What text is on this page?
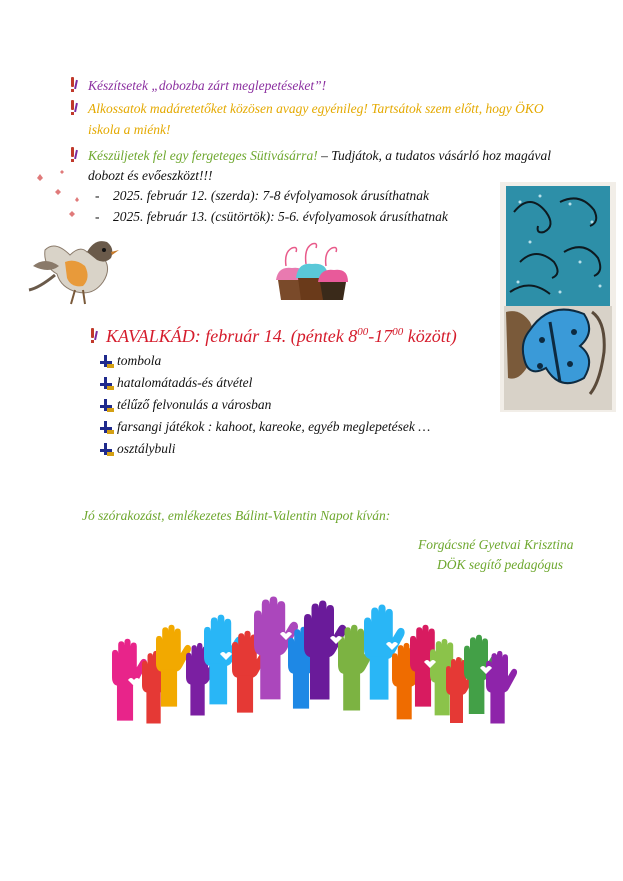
Készítsetek „dobozba zárt meglepetéseket”!
Alkossatok madáretetőket közösen avagy egyénileg! Tartsátok szem előtt, hogy ÖKO
iskola a miénk!
Készüljetek fel egy fergeteges Sütivásárra! – Tudjátok, a tudatos vásárló hoz magával
dobozt és evőeszközt!!!
- 2025. február 12. (szerda): 7-8 évfolyamosok árusíthatnak
- 2025. február 13. (csütörtök): 5-6. évfolyamosok árusíthatnak
KAVALKÁD: február 14. (péntek $8^{00}-17^{00}$ között)
tombola
hatalomátadás-és átvétel
télűző felvonulás a városban
farsangi játékok : kahoot, kareoke, egyéb meglepetések …
osztálybuli
Jó szórakozást, emlékezetes Bálint-Valentin Napot kíván:
Forgácsné Gyetvai Krisztina
DÖK segítő pedagógus
